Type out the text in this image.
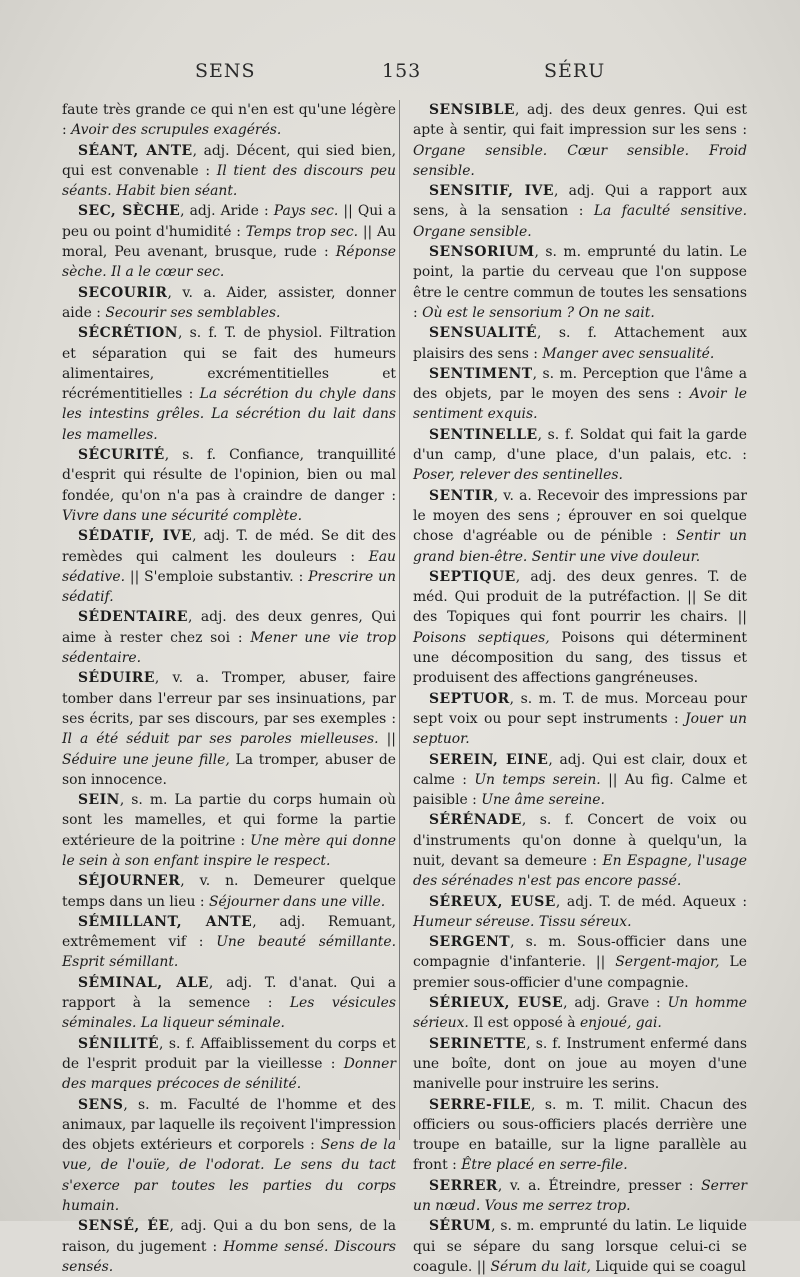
SENS	153	SÉRU

faute très grande ce qui n'en est qu'une légère : Avoir des scrupules exagérés.

SÉANT, ANTE, adj. Décent, qui sied bien, qui est convenable : Il tient des discours peu séants. Habit bien séant.

SEC, SÈCHE, adj. Aride : Pays sec. || Qui a peu ou point d'humidité : Temps trop sec. || Au moral, Peu avenant, brusque, rude : Réponse sèche. Il a le cœur sec.

SECOURIR, v. a. Aider, assister, donner aide : Secourir ses semblables.

SÉCRÉTION, s. f. T. de physiol. Filtration et séparation qui se fait des humeurs alimentaires, excrémentitielles et récrémentitielles : La sécrétion du chyle dans les intestins grêles. La sécrétion du lait dans les mamelles.

SÉCURITÉ, s. f. Confiance, tranquillité d'esprit qui résulte de l'opinion, bien ou mal fondée, qu'on n'a pas à craindre de danger : Vivre dans une sécurité complète.

SÉDATIF, IVE, adj. T. de méd. Se dit des remèdes qui calment les douleurs : Eau sédative. || S'emploie substantiv. : Prescrire un sédatif.

SÉDENTAIRE, adj. des deux genres, Qui aime à rester chez soi : Mener une vie trop sédentaire.

SÉDUIRE, v. a. Tromper, abuser, faire tomber dans l'erreur par ses insinuations, par ses écrits, par ses discours, par ses exemples : Il a été séduit par ses paroles mielleuses. || Séduire une jeune fille, La tromper, abuser de son innocence.

SEIN, s. m. La partie du corps humain où sont les mamelles, et qui forme la partie extérieure de la poitrine : Une mère qui donne le sein à son enfant inspire le respect.

SÉJOURNER, v. n. Demeurer quelque temps dans un lieu : Séjourner dans une ville.

SÉMILLANT, ANTE, adj. Remuant, extrêmement vif : Une beauté sémillante. Esprit sémillant.

SÉMINAL, ALE, adj. T. d'anat. Qui a rapport à la semence : Les vésicules séminales. La liqueur séminale.

SÉNILITÉ, s. f. Affaiblissement du corps et de l'esprit produit par la vieillesse : Donner des marques précoces de sénilité.

SENS, s. m. Faculté de l'homme et des animaux, par laquelle ils reçoivent l'impression des objets extérieurs et corporels : Sens de la vue, de l'ouïe, de l'odorat. Le sens du tact s'exerce par toutes les parties du corps humain.

SENSÉ, ÉE, adj. Qui a du bon sens, de la raison, du jugement : Homme sensé. Discours sensés.

SENSIBLE, adj. des deux genres. Qui est apte à sentir, qui fait impression sur les sens : Organe sensible. Cœur sensible. Froid sensible.

SENSITIF, IVE, adj. Qui a rapport aux sens, à la sensation : La faculté sensitive. Organe sensible.

SENSORIUM, s. m. emprunté du latin. Le point, la partie du cerveau que l'on suppose être le centre commun de toutes les sensations : Où est le sensorium ? On ne sait.

SENSUALITÉ, s. f. Attachement aux plaisirs des sens : Manger avec sensualité.

SENTIMENT, s. m. Perception que l'âme a des objets, par le moyen des sens : Avoir le sentiment exquis.

SENTINELLE, s. f. Soldat qui fait la garde d'un camp, d'une place, d'un palais, etc. : Poser, relever des sentinelles.

SENTIR, v. a. Recevoir des impressions par le moyen des sens ; éprouver en soi quelque chose d'agréable ou de pénible : Sentir un grand bien-être. Sentir une vive douleur.

SEPTIQUE, adj. des deux genres. T. de méd. Qui produit de la putréfaction. || Se dit des Topiques qui font pourrir les chairs. || Poisons septiques, Poisons qui déterminent une décomposition du sang, des tissus et produisent des affections gangréneuses.

SEPTUOR, s. m. T. de mus. Morceau pour sept voix ou pour sept instruments : Jouer un septuor.

SEREIN, EINE, adj. Qui est clair, doux et calme : Un temps serein. || Au fig. Calme et paisible : Une âme sereine.

SÉRÉNADE, s. f. Concert de voix ou d'instruments qu'on donne à quelqu'un, la nuit, devant sa demeure : En Espagne, l'usage des sérénades n'est pas encore passé.

SÉREUX, EUSE, adj. T. de méd. Aqueux : Humeur séreuse. Tissu séreux.

SERGENT, s. m. Sous-officier dans une compagnie d'infanterie. || Sergent-major, Le premier sous-officier d'une compagnie.

SÉRIEUX, EUSE, adj. Grave : Un homme sérieux. Il est opposé à enjoué, gai.

SERINETTE, s. f. Instrument enfermé dans une boîte, dont on joue au moyen d'une manivelle pour instruire les serins.

SERRE-FILE, s. m. T. milit. Chacun des officiers ou sous-officiers placés derrière une troupe en bataille, sur la ligne parallèle au front : Être placé en serre-file.

SERRER, v. a. Étreindre, presser : Serrer un nœud. Vous me serrez trop.

SÉRUM, s. m. emprunté du latin. Le liquide qui se sépare du sang lorsque celui-ci se coagule. || Sérum du lait, Liquide qui se coagul
